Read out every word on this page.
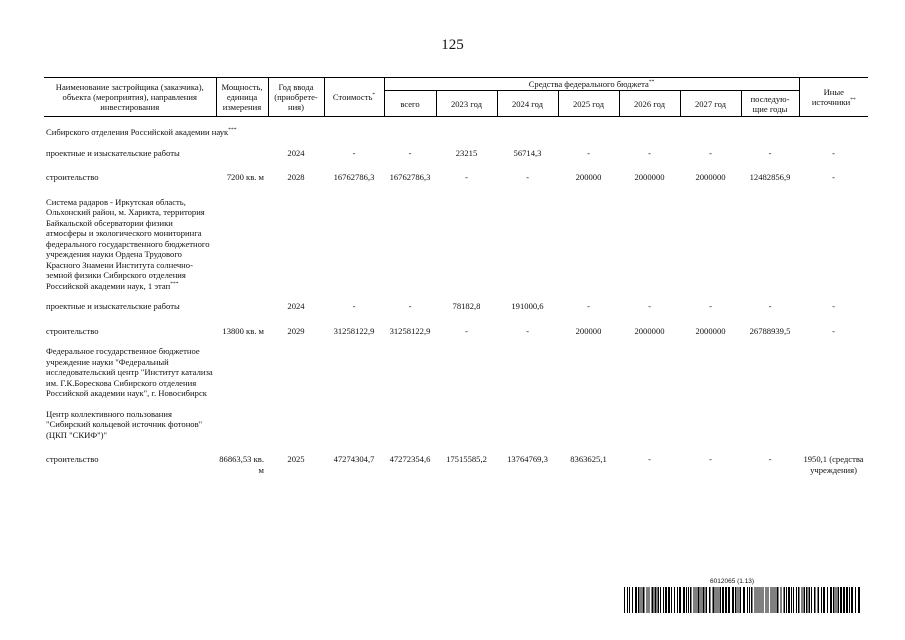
125
Наименование застройщика (заказчика), объекта (мероприятия), направления инвестирования	Мощность, единица измерения	Год ввода (приобрете-ния)	Стоимость*	Средства федерального бюджета**							Иные источники**
				всего	2023 год	2024 год	2025 год	2026 год	2027 год	последую-щие годы	

Сибирского отделения Российской академии наук***	

проектные и изыскательские работы		2024	-	-	23215	56714,3	-	-	-	-	-

строительство	7200 кв. м	2028	16762786,3	16762786,3	-	-	200000	2000000	2000000	12482856,9	-

Система радаров - Иркутская область, Ольхонский район, м. Харикта, территория Байкальской обсерватории физики атмосферы и экологического мониторинга федерального государственного бюджетного учреждения науки Ордена Трудового Красного Знамени Института солнечно-земной физики Сибирского отделения Российской академии наук, 1 этап***	

проектные и изыскательские работы		2024	-	-	78182,8	191000,6	-	-	-	-	-

строительство	13800 кв. м	2029	31258122,9	31258122,9	-	-	200000	2000000	2000000	26788939,5	-

Федеральное государственное бюджетное учреждение науки "Федеральный исследовательский центр "Институт катализа им. Г.К.Борескова Сибирского отделения Российской академии наук", г. Новосибирск											

Центр коллективного пользования "Сибирский кольцевой источник фотонов" (ЦКП "СКИФ")"											

строительство	86863,53 кв. м	2025	47274304,7	47272354,6	17515585,2	13764769,3	8363625,1	-	-	-	1950,1 (средства учреждения)
6012065 (1.13)
